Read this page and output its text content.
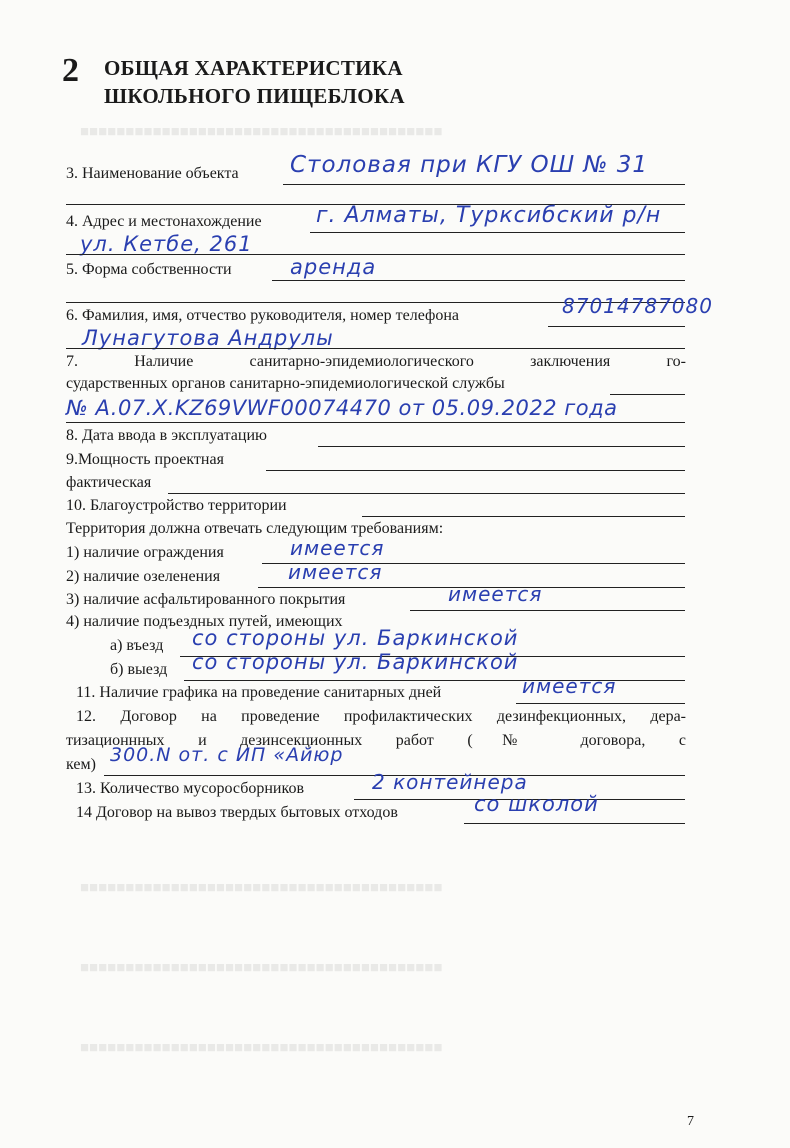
■■■■■■■■■■■■■■■■■■■■■■■■■■■■■■■■■■■■■■■■
■■■■■■■■■■■■■■■■■■■■■■■■■■■■■■■■■■■■■■■■
■■■■■■■■■■■■■■■■■■■■■■■■■■■■■■■■■■■■■■■■
■■■■■■■■■■■■■■■■■■■■■■■■■■■■■■■■■■■■■■■■
2 ОБЩАЯ ХАРАКТЕРИСТИКА
ШКОЛЬНОГО ПИЩЕБЛОКА
3. Наименование объекта Столовая при КГУ ОШ № 31
4. Адрес и местонахождение г. Алматы, Турксибский р/н
ул. Кетбе, 261
5. Форма собственности	аренда
6. Фамилия, имя, отчество руководителя, номер телефона	87014787080
Лунагутова Андрулы
7. Наличие санитарно-эпидемиологического заключения го-
сударственных органов санитарно-эпидемиологической службы
№ A.07.X.KZ69VWF00074470 от 05.09.2022 года
8. Дата ввода в эксплуатацию
9.Мощность проектная
фактическая
10. Благоустройство территории
Территория должна отвечать следующим требованиям:
1) наличие ограждения	имеется
2) наличие озеленения	имеется
3) наличие асфальтированного покрытия	имеется
4) наличие подъездных путей, имеющих
а) въезд со стороны ул. Баркинской
б) выезд со стороны ул. Баркинской
11. Наличие графика на проведение санитарных дней	имеется
12. Договор на проведение профилактических дезинфекционных, дера-
тизационнных и дезинсекционных работ (№ договора, с
кем) 300.N от. с ИП «Айюр
13. Количество мусоросборников	2 контейнера
14 Договор на вывоз твердых бытовых отходов	со школой
7
